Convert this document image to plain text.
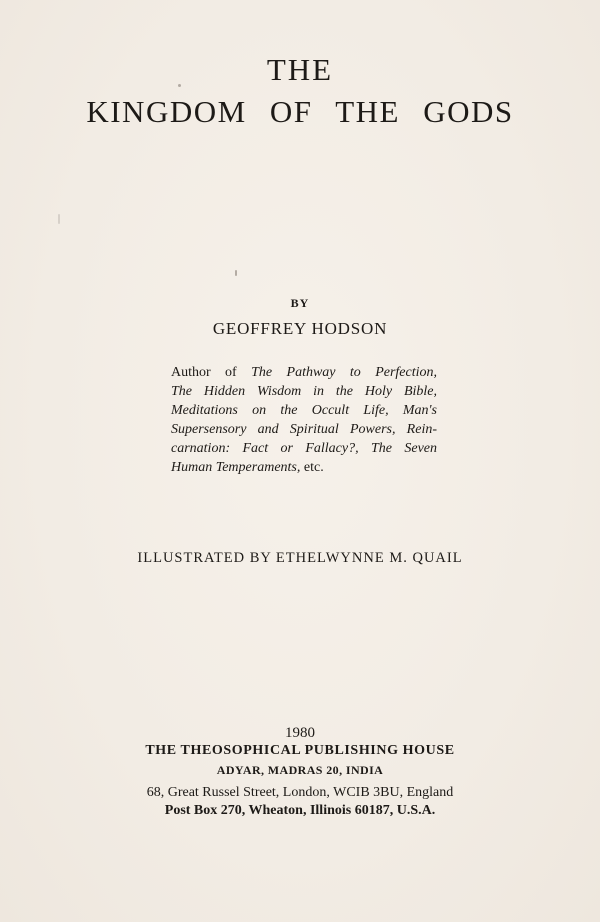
THE
KINGDOM OF THE GODS
BY
GEOFFREY HODSON
Author of The Pathway to Perfection,
The Hidden Wisdom in the Holy Bible,
Meditations on the Occult Life, Man's
Supersensory and Spiritual Powers, Rein-
carnation: Fact or Fallacy?, The Seven
Human Temperaments, etc.
ILLUSTRATED BY ETHELWYNNE M. QUAIL
1980
THE THEOSOPHICAL PUBLISHING HOUSE
ADYAR, MADRAS 20, INDIA
68, Great Russel Street, London, WCIB 3BU, England
Post Box 270, Wheaton, Illinois 60187, U.S.A.
